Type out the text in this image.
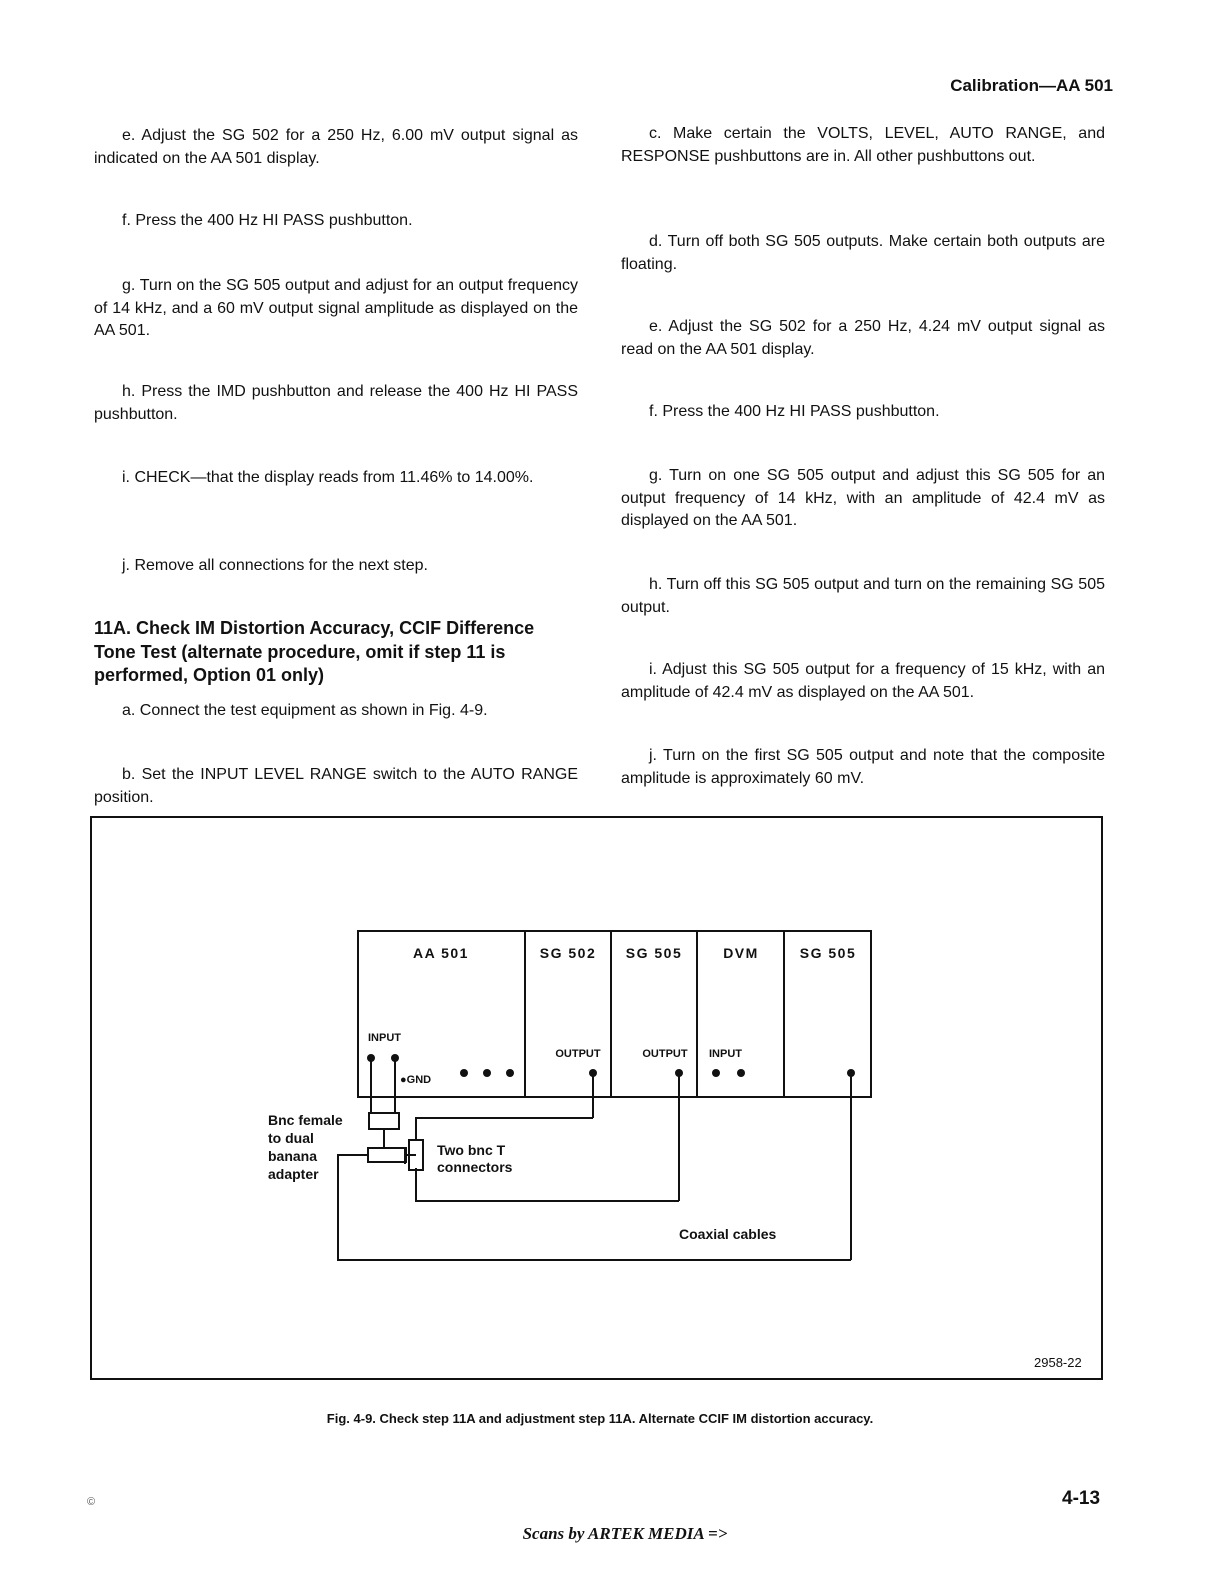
Calibration—AA 501

e. Adjust the SG 502 for a 250 Hz, 6.00 mV output signal as indicated on the AA 501 display.

f. Press the 400 Hz HI PASS pushbutton.

g. Turn on the SG 505 output and adjust for an output frequency of 14 kHz, and a 60 mV output signal amplitude as displayed on the AA 501.

h. Press the IMD pushbutton and release the 400 Hz HI PASS pushbutton.

i. CHECK—that the display reads from 11.46% to 14.00%.

j. Remove all connections for the next step.

11A. Check IM Distortion Accuracy, CCIF Difference Tone Test (alternate procedure, omit if step 11 is performed, Option 01 only)

a. Connect the test equipment as shown in Fig. 4-9.

b. Set the INPUT LEVEL RANGE switch to the AUTO RANGE position.

c. Make certain the VOLTS, LEVEL, AUTO RANGE, and RESPONSE pushbuttons are in. All other pushbuttons out.

d. Turn off both SG 505 outputs. Make certain both outputs are floating.

e. Adjust the SG 502 for a 250 Hz, 4.24 mV output signal as read on the AA 501 display.

f. Press the 400 Hz HI PASS pushbutton.

g. Turn on one SG 505 output and adjust this SG 505 for an output frequency of 14 kHz, with an amplitude of 42.4 mV as displayed on the AA 501.

h. Turn off this SG 505 output and turn on the remaining SG 505 output.

i. Adjust this SG 505 output for a frequency of 15 kHz, with an amplitude of 42.4 mV as displayed on the AA 501.

j. Turn on the first SG 505 output and note that the composite amplitude is approximately 60 mV.

AA 501	SG 502 SG 505	DVM	SG 505
INPUT
●GND
OUTPUT	OUTPUT INPUT
Bnc female
to dual
banana
adapter
Two bnc T
connectors
Coaxial cables
2958-22
Fig. 4-9. Check step 11A and adjustment step 11A. Alternate CCIF IM distortion accuracy.
©	4-13
Scans by ARTEK MEDIA =>
